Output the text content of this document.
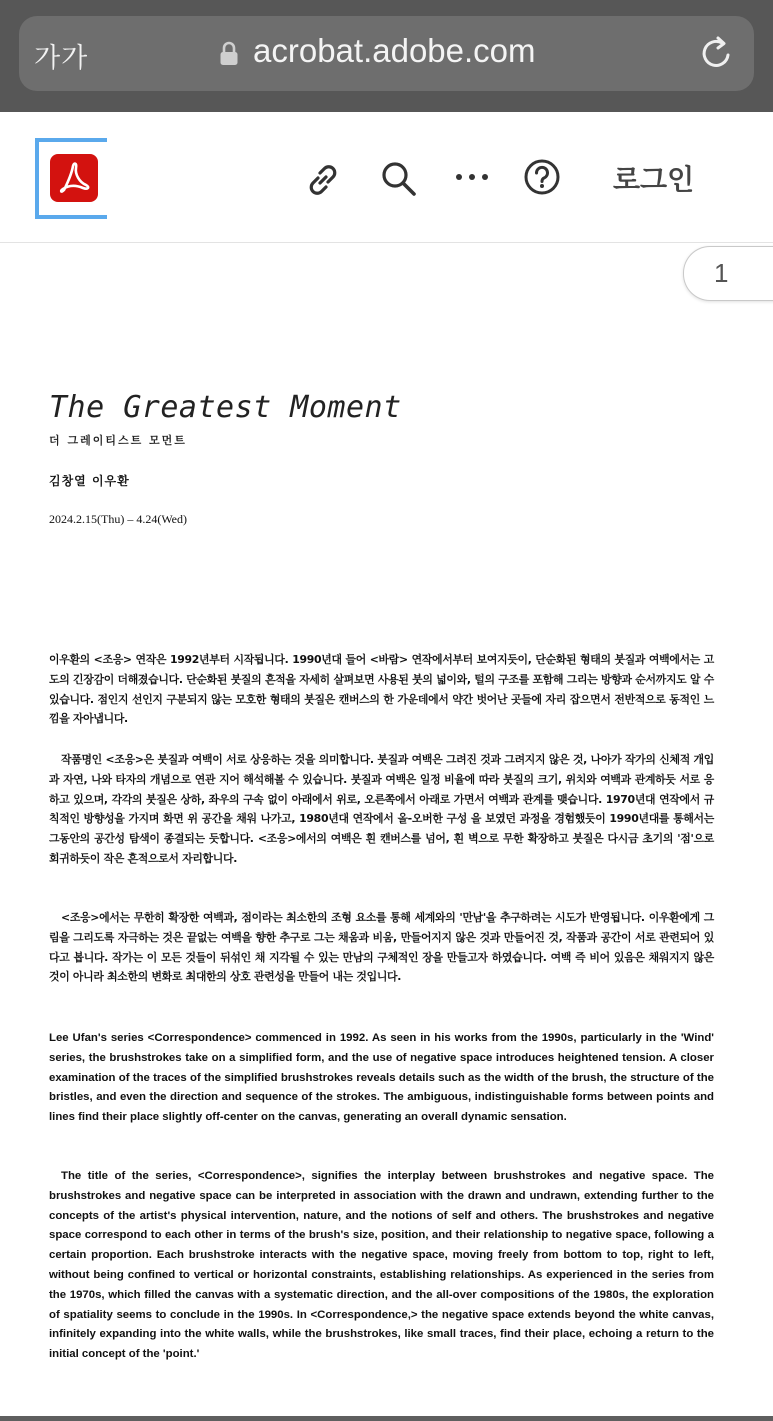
가가	acrobat.adobe.com
로그인
1
The Greatest Moment
더 그레이티스트 모먼트
김창열 이우환
2024.2.15(Thu) – 4.24(Wed)

이우환의 <조응> 연작은 1992년부터 시작됩니다. 1990년대 들어 <바람> 연작에서부터 보여지듯이, 단순화된 형태의 붓질과 여백에서는 고도의 긴장감이 더해졌습니다. 단순화된 붓질의 흔적을 자세히 살펴보면 사용된 붓의 넓이와, 털의 구조를 포함해 그리는 방향과 순서까지도 알 수 있습니다. 점인지 선인지 구분되지 않는 모호한 형태의 붓질은 캔버스의 한 가운데에서 약간 벗어난 곳들에 자리 잡으면서 전반적으로 동적인 느낌을 자아냅니다.

작품명인 <조응>은 붓질과 여백이 서로 상응하는 것을 의미합니다. 붓질과 여백은 그려진 것과 그려지지 않은 것, 나아가 작가의 신체적 개입과 자연, 나와 타자의 개념으로 연관 지어 해석해볼 수 있습니다. 붓질과 여백은 일정 비율에 따라 붓질의 크기, 위치와 여백과 관계하듯 서로 응하고 있으며, 각각의 붓질은 상하, 좌우의 구속 없이 아래에서 위로, 오른쪽에서 아래로 가면서 여백과 관계를 맺습니다. 1970년대 연작에서 규칙적인 방향성을 가지며 화면 위 공간을 채워 나가고, 1980년대 연작에서 올-오버한 구성 을 보였던 과정을 경험했듯이 1990년대를 통해서는 그동안의 공간성 탐색이 종결되는 듯합니다. <조응>에서의 여백은 흰 캔버스를 넘어, 흰 벽으로 무한 확장하고 붓질은 다시금 초기의 '점'으로 회귀하듯이 작은 흔적으로서 자리합니다.

<조응>에서는 무한히 확장한 여백과, 점이라는 최소한의 조형 요소를 통해 세계와의 '만남'을 추구하려는 시도가 반영됩니다. 이우환에게 그림을 그리도록 자극하는 것은 끝없는 여백을 향한 추구로 그는 채움과 비움, 만들어지지 않은 것과 만들어진 것, 작품과 공간이 서로 관련되어 있다고 봅니다. 작가는 이 모든 것들이 뒤섞인 채 지각될 수 있는 만남의 구체적인 장을 만들고자 하였습니다. 여백 즉 비어 있음은 채워지지 않은 것이 아니라 최소한의 변화로 최대한의 상호 관련성을 만들어 내는 것입니다.

Lee Ufan's series <Correspondence> commenced in 1992. As seen in his works from the 1990s, particularly in the 'Wind' series, the brushstrokes take on a simplified form, and the use of negative space introduces heightened tension. A closer examination of the traces of the simplified brushstrokes reveals details such as the width of the brush, the structure of the bristles, and even the direction and sequence of the strokes. The ambiguous, indistinguishable forms between points and lines find their place slightly off-center on the canvas, generating an overall dynamic sensation.

The title of the series, <Correspondence>, signifies the interplay between brushstrokes and negative space. The brushstrokes and negative space can be interpreted in association with the drawn and undrawn, extending further to the concepts of the artist's physical intervention, nature, and the notions of self and others. The brushstrokes and negative space correspond to each other in terms of the brush's size, position, and their relationship to negative space, following a certain proportion. Each brushstroke interacts with the negative space, moving freely from bottom to top, right to left, without being confined to vertical or horizontal constraints, establishing relationships. As experienced in the series from the 1970s, which filled the canvas with a systematic direction, and the all-over compositions of the 1980s, the exploration of spatiality seems to conclude in the 1990s. In <Correspondence,> the negative space extends beyond the white canvas, infinitely expanding into the white walls, while the brushstrokes, like small traces, find their place, echoing a return to the initial concept of the 'point.'
